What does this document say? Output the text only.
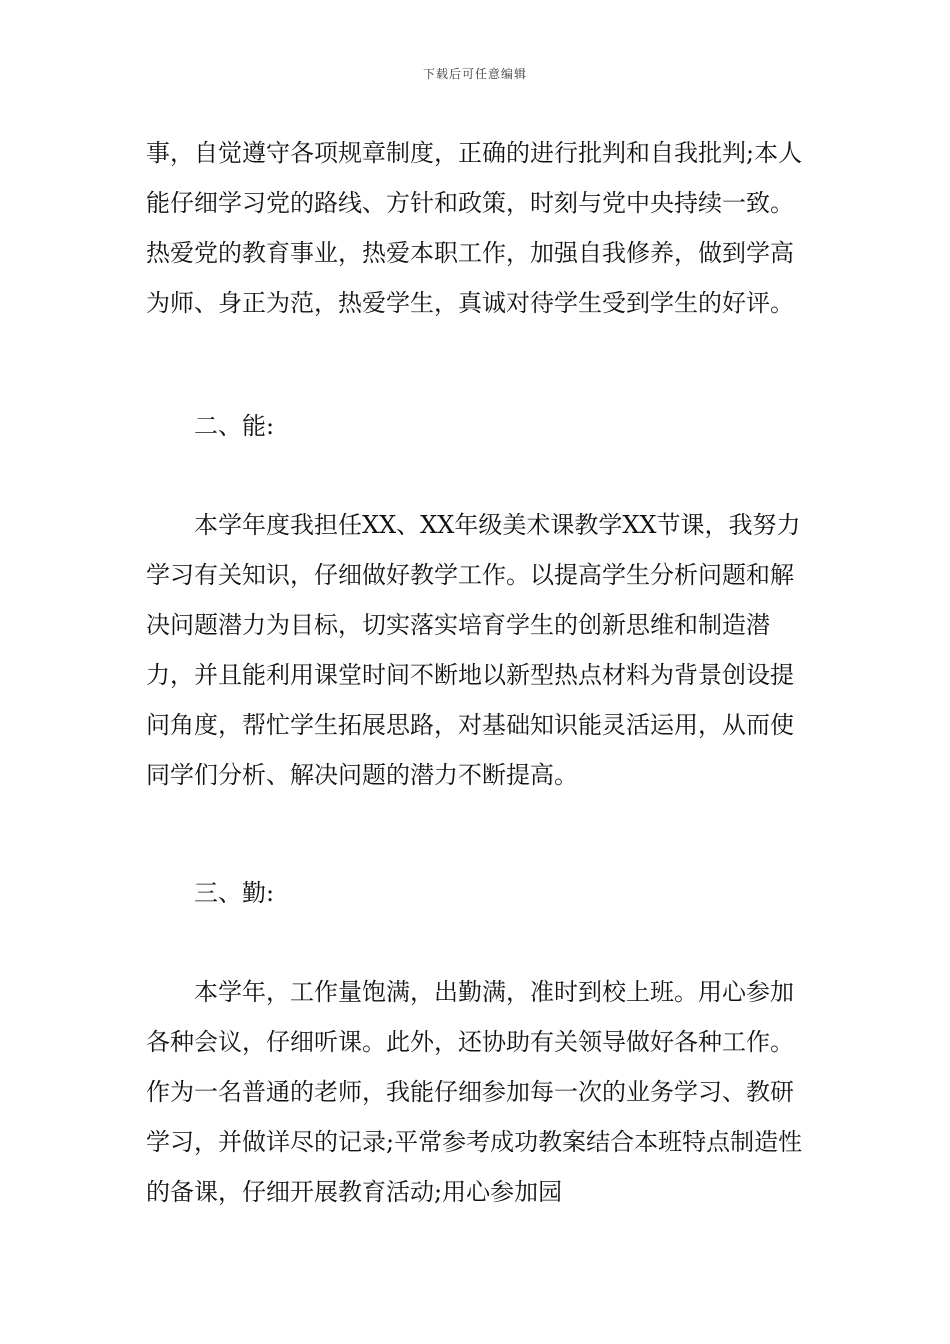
下载后可任意编辑

事，自觉遵守各项规章制度，正确的进行批判和自我批判;本人能仔细学习党的路线、方针和政策，时刻与党中央持续一致。热爱党的教育事业，热爱本职工作，加强自我修养，做到学高为师、身正为范，热爱学生，真诚对待学生受到学生的好评。

二、能:

本学年度我担任XX、XX年级美术课教学XX节课，我努力学习有关知识，仔细做好教学工作。以提高学生分析问题和解决问题潜力为目标，切实落实培育学生的创新思维和制造潜力，并且能利用课堂时间不断地以新型热点材料为背景创设提问角度，帮忙学生拓展思路，对基础知识能灵活运用，从而使同学们分析、解决问题的潜力不断提高。

三、勤:

本学年，工作量饱满，出勤满，准时到校上班。用心参加各种会议，仔细听课。此外，还协助有关领导做好各种工作。作为一名普通的老师，我能仔细参加每一次的业务学习、教研学习，并做详尽的记录;平常参考成功教案结合本班特点制造性的备课，仔细开展教育活动;用心参加园
